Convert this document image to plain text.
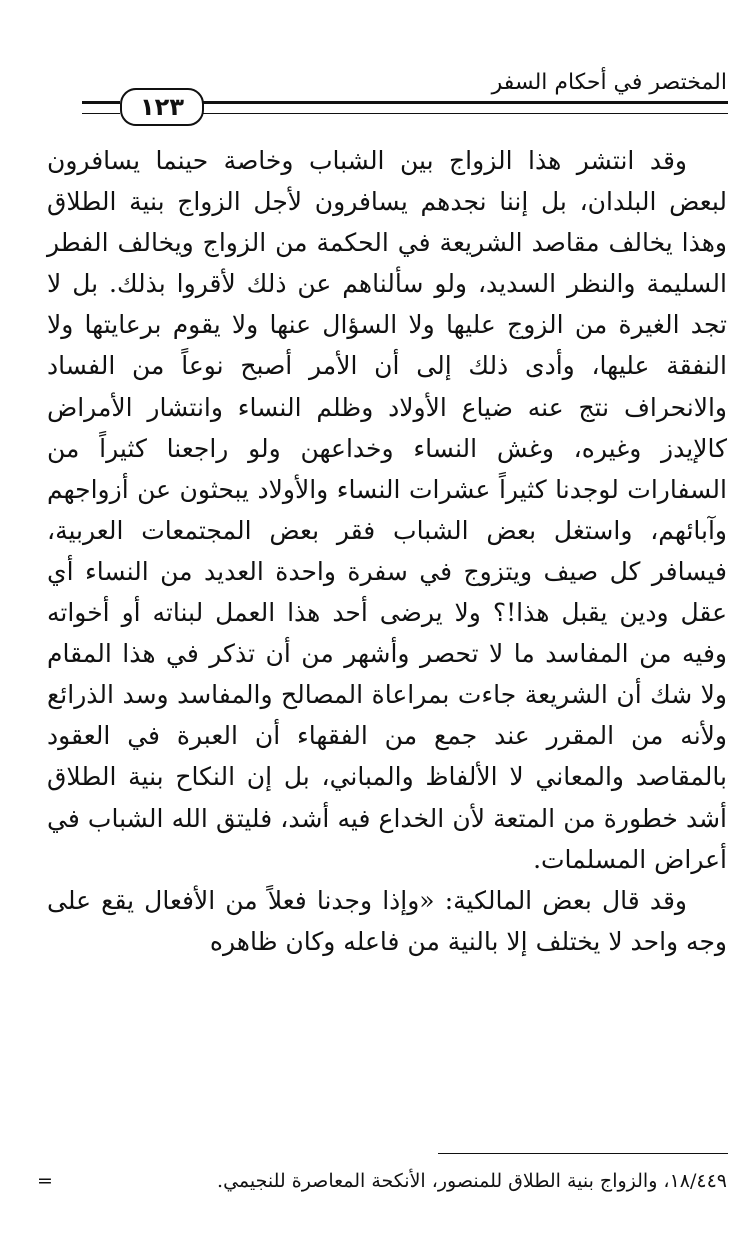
المختصر في أحكام السفر
١٢٣

وقد انتشر هذا الزواج بين الشباب وخاصة حينما يسافرون لبعض البلدان، بل إننا نجدهم يسافرون لأجل الزواج بنية الطلاق وهذا يخالف مقاصد الشريعة في الحكمة من الزواج ويخالف الفطر السليمة والنظر السديد، ولو سألناهم عن ذلك لأقروا بذلك. بل لا تجد الغيرة من الزوج عليها ولا السؤال عنها ولا يقوم برعايتها ولا النفقة عليها، وأدى ذلك إلى أن الأمر أصبح نوعاً من الفساد والانحراف نتج عنه ضياع الأولاد وظلم النساء وانتشار الأمراض كالإيدز وغيره، وغش النساء وخداعهن ولو راجعنا كثيراً من السفارات لوجدنا كثيراً عشرات النساء والأولاد يبحثون عن أزواجهم وآبائهم، واستغل بعض الشباب فقر بعض المجتمعات العربية، فيسافر كل صيف ويتزوج في سفرة واحدة العديد من النساء أي عقل ودين يقبل هذا!؟ ولا يرضى أحد هذا العمل لبناته أو أخواته وفيه من المفاسد ما لا تحصر وأشهر من أن تذكر في هذا المقام ولا شك أن الشريعة جاءت بمراعاة المصالح والمفاسد وسد الذرائع ولأنه من المقرر عند جمع من الفقهاء أن العبرة في العقود بالمقاصد والمعاني لا الألفاظ والمباني، بل إن النكاح بنية الطلاق أشد خطورة من المتعة لأن الخداع فيه أشد، فليتق الله الشباب في أعراض المسلمات.

وقد قال بعض المالكية: «وإذا وجدنا فعلاً من الأفعال يقع على وجه واحد لا يختلف إلا بالنية من فاعله وكان ظاهره

١٨/٤٤٩، والزواج بنية الطلاق للمنصور، الأنكحة المعاصرة للنجيمي.
=
